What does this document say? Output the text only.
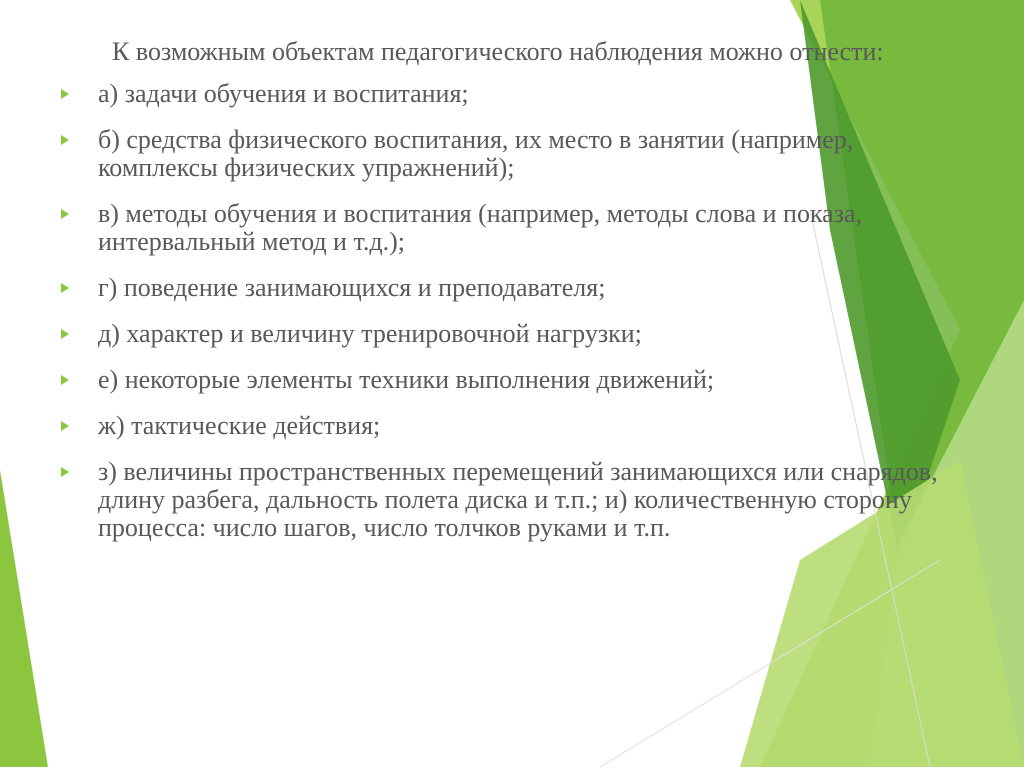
К возможным объектам педагогического наблюдения можно отнести:

а) задачи обучения и воспитания;
б) средства физического воспитания, их место в занятии (например, комплексы физических упражнений);
в) методы обучения и воспитания (например, методы слова и показа, интервальный метод и т.д.);
г) поведение занимающихся и преподавателя;
д) характер и величину тренировочной нагрузки;
е) некоторые элементы техники выполнения движений;
ж) тактические действия;
з) величины пространственных перемещений занимающихся или снарядов, длину разбега, дальность полета диска и т.п.; и) количественную сторону процесса: число шагов, число толчков руками и т.п.
